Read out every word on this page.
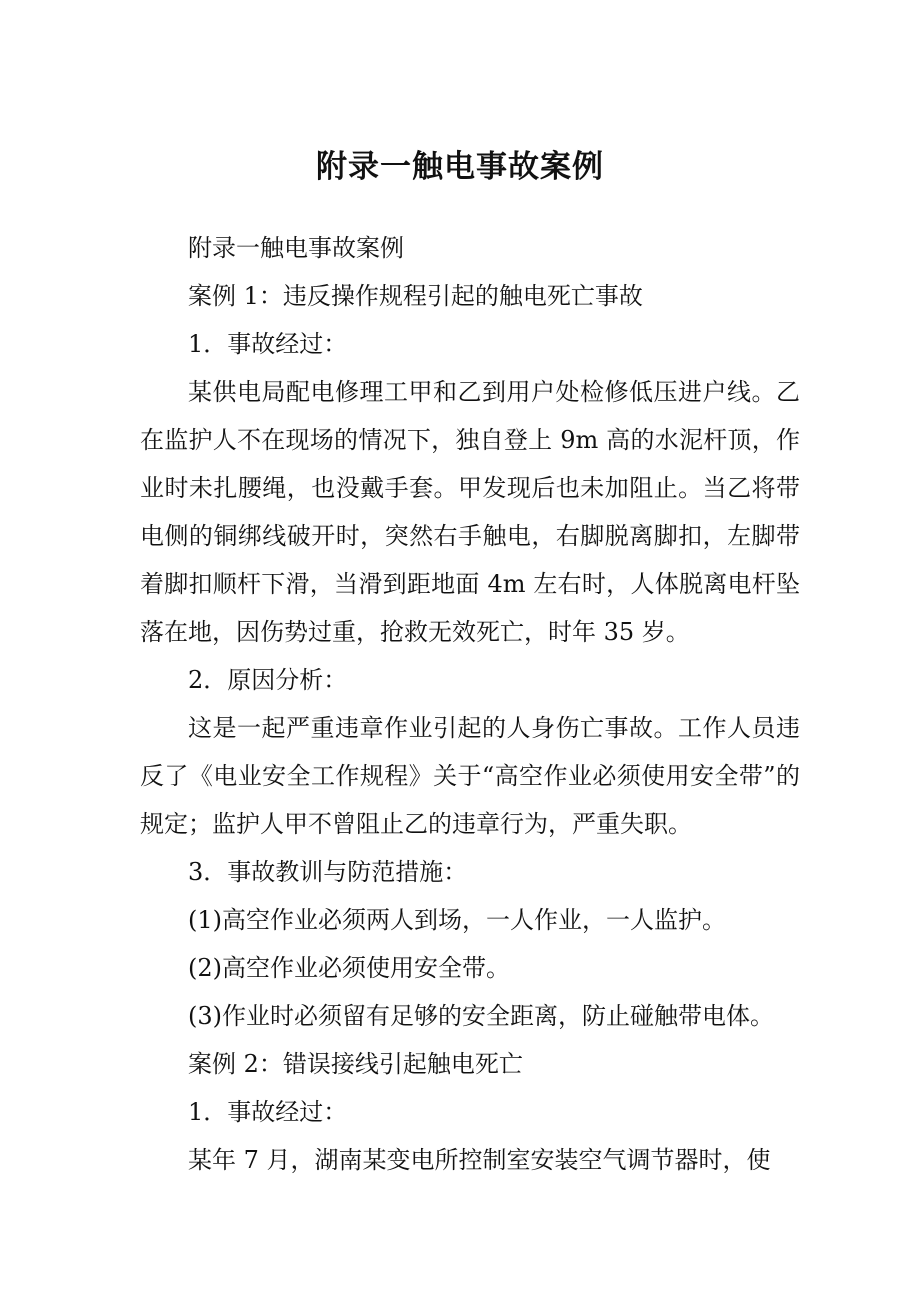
附录一触电事故案例

附录一触电事故案例

案例 1：违反操作规程引起的触电死亡事故

1．事故经过：

某供电局配电修理工甲和乙到用户处检修低压进户线。乙在监护人不在现场的情况下，独自登上 9m 高的水泥杆顶，作业时未扎腰绳，也没戴手套。甲发现后也未加阻止。当乙将带电侧的铜绑线破开时，突然右手触电，右脚脱离脚扣，左脚带着脚扣顺杆下滑，当滑到距地面 4m 左右时，人体脱离电杆坠落在地，因伤势过重，抢救无效死亡，时年 35 岁。

2．原因分析：

这是一起严重违章作业引起的人身伤亡事故。工作人员违反了《电业安全工作规程》关于“高空作业必须使用安全带”的规定；监护人甲不曾阻止乙的违章行为，严重失职。

3．事故教训与防范措施：

(1)高空作业必须两人到场，一人作业，一人监护。

(2)高空作业必须使用安全带。

(3)作业时必须留有足够的安全距离，防止碰触带电体。

案例 2：错误接线引起触电死亡

1．事故经过：

某年 7 月，湖南某变电所控制室安装空气调节器时，使
